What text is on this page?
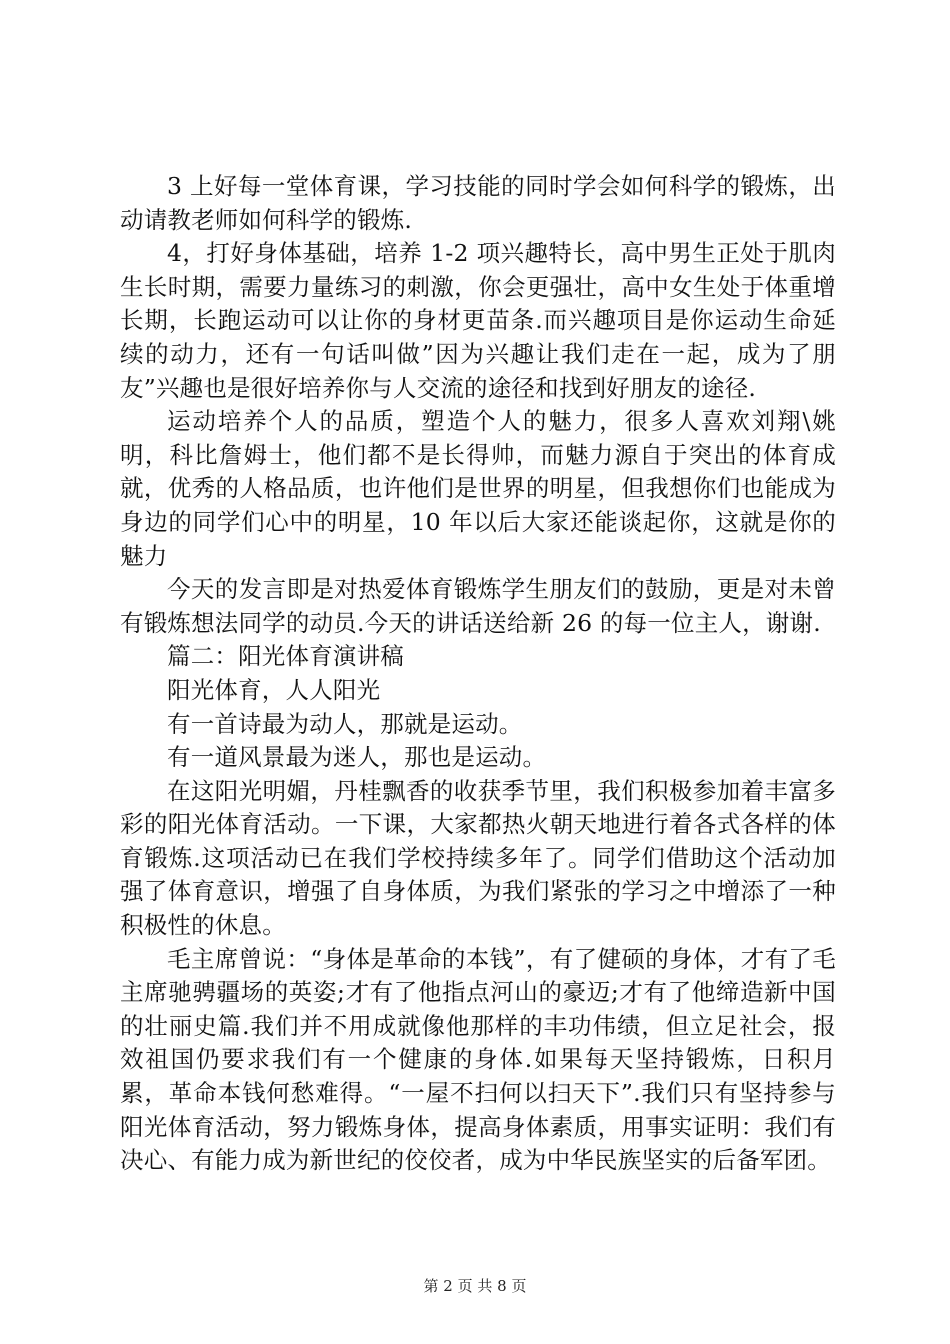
3 上好每一堂体育课，学习技能的同时学会如何科学的锻炼，出动请教老师如何科学的锻炼.

4，打好身体基础，培养 1-2 项兴趣特长，高中男生正处于肌肉生长时期，需要力量练习的刺激，你会更强壮，高中女生处于体重增长期，长跑运动可以让你的身材更苗条.而兴趣项目是你运动生命延续的动力，还有一句话叫做”因为兴趣让我们走在一起，成为了朋友”兴趣也是很好培养你与人交流的途径和找到好朋友的途径.

运动培养个人的品质，塑造个人的魅力，很多人喜欢刘翔\姚明，科比詹姆士，他们都不是长得帅，而魅力源自于突出的体育成就，优秀的人格品质，也许他们是世界的明星，但我想你们也能成为身边的同学们心中的明星，10 年以后大家还能谈起你，这就是你的魅力

今天的发言即是对热爱体育锻炼学生朋友们的鼓励，更是对未曾有锻炼想法同学的动员.今天的讲话送给新 26 的每一位主人，谢谢.

篇二：阳光体育演讲稿

阳光体育，人人阳光

有一首诗最为动人，那就是运动。

有一道风景最为迷人，那也是运动。

在这阳光明媚，丹桂飘香的收获季节里，我们积极参加着丰富多彩的阳光体育活动。一下课，大家都热火朝天地进行着各式各样的体育锻炼.这项活动已在我们学校持续多年了。同学们借助这个活动加强了体育意识，增强了自身体质，为我们紧张的学习之中增添了一种积极性的休息。

毛主席曾说：“身体是革命的本钱”，有了健硕的身体，才有了毛主席驰骋疆场的英姿;才有了他指点河山的豪迈;才有了他缔造新中国的壮丽史篇.我们并不用成就像他那样的丰功伟绩，但立足社会，报效祖国仍要求我们有一个健康的身体.如果每天坚持锻炼，日积月累，革命本钱何愁难得。“一屋不扫何以扫天下”.我们只有坚持参与阳光体育活动，努力锻炼身体，提高身体素质，用事实证明：我们有决心、有能力成为新世纪的佼佼者，成为中华民族坚实的后备军团。

第 2 页 共 8 页
